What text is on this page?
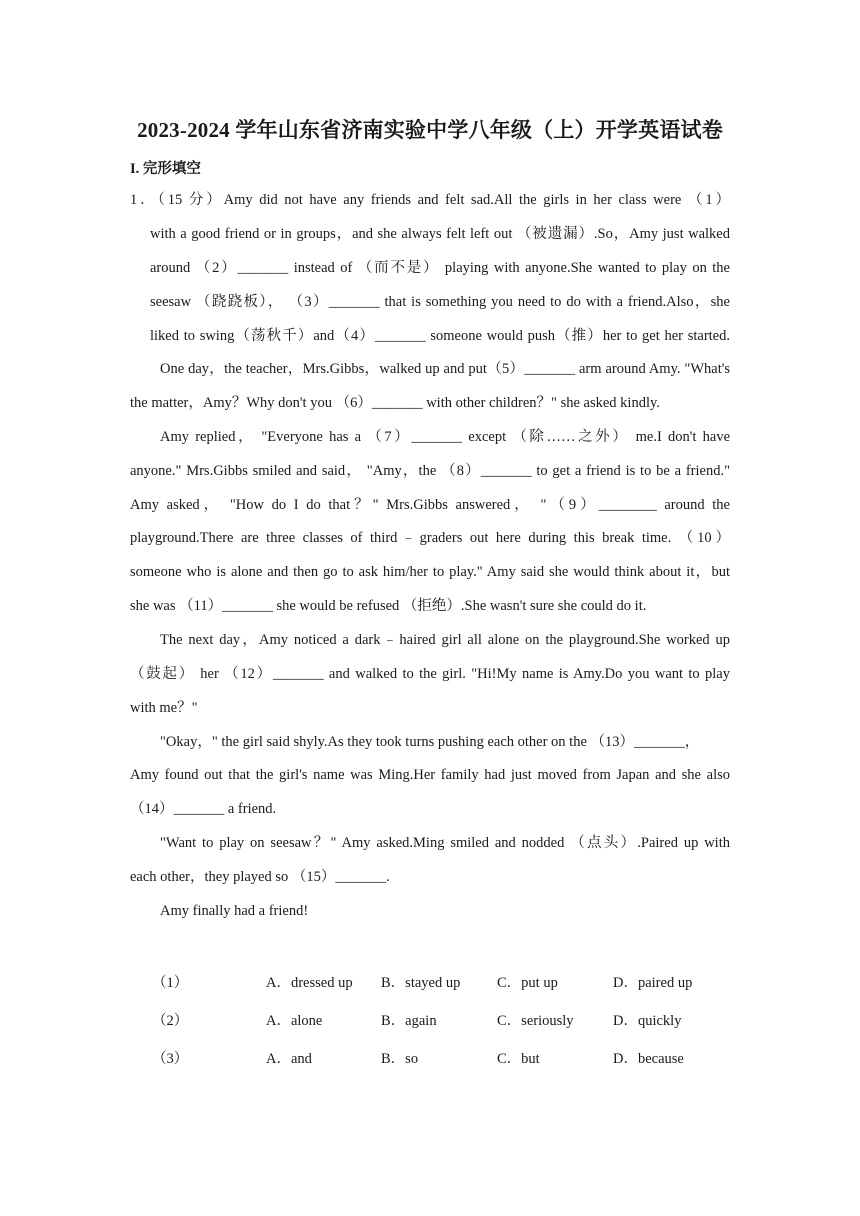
2023-2024 学年山东省济南实验中学八年级（上）开学英语试卷
I. 完形填空
1．（15 分）Amy did not have any friends and felt sad.All the girls in her class were （1）
with a good friend or in groups，and she always felt left out （被遗漏）.So，Amy just walked
around （2）_______ instead of （而不是） playing with anyone.She wanted to play on the
seesaw （跷跷板）， （3）_______ that is something you need to do with a friend.Also，she
liked to swing（荡秋千）and（4）_______ someone would push（推）her to get her started.
One day，the teacher，Mrs.Gibbs，walked up and put（5）_______ arm around Amy. "What's
the matter，Amy？Why don't you （6）_______ with other children？" she asked kindly.
Amy replied， "Everyone has a （7）_______ except （除……之外） me.I don't have
anyone." Mrs.Gibbs smiled and said， "Amy，the （8）_______ to get a friend is to be a friend."
Amy asked， "How do I do that？" Mrs.Gibbs answered， "（9）________ around the
playground.There are three classes of third﹣graders out here during this break time. （10）
someone who is alone and then go to ask him/her to play." Amy said she would think about it，but
she was （11）_______ she would be refused （拒绝）.She wasn't sure she could do it.
The next day，Amy noticed a dark﹣haired girl all alone on the playground.She worked up
（鼓起） her （12）_______ and walked to the girl. "Hi!My name is Amy.Do you want to play
with me？"
"Okay，" the girl said shyly.As they took turns pushing each other on the （13）_______，
Amy found out that the girl's name was Ming.Her family had just moved from Japan and she also
（14）_______ a friend.
"Want to play on seesaw？" Amy asked.Ming smiled and nodded （点头）.Paired up with
each other，they played so （15）_______.
Amy finally had a friend!
（1）	A．dressed up B．stayed up	C．put up	D．paired up
（2）	A．alone	B．again	C．seriously	D．quickly
（3）	A．and	B．so	C．but	D．because
